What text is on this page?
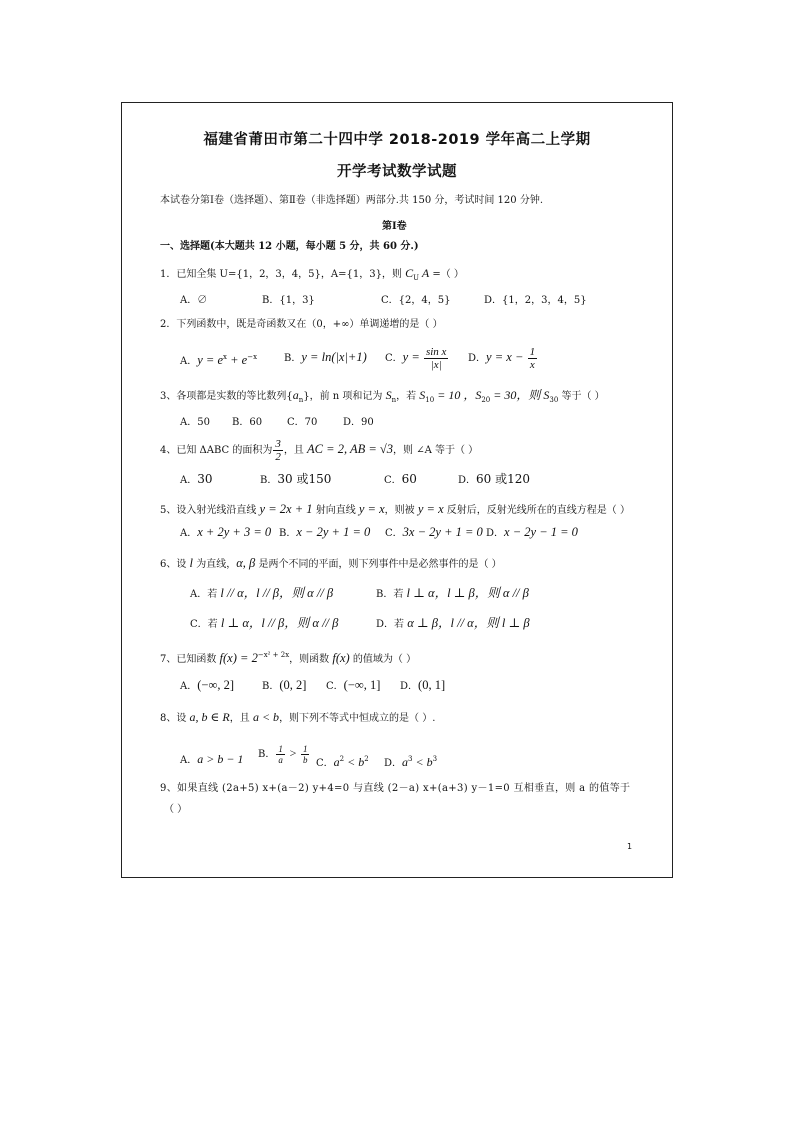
福建省莆田市第二十四中学 2018-2019 学年高二上学期
开学考试数学试题
本试卷分第Ⅰ卷（选择题）、第Ⅱ卷（非选择题）两部分.共 150 分，考试时间 120 分钟.
第Ⅰ卷
一、选择题(本大题共 12 小题，每小题 5 分，共 60 分.)
1．已知全集 U={1，2，3，4，5}，A={1，3}，则 $C_U$ A =（ ）
A．∅	B．{1，3}	C．{2，4，5}	D．{1，2，3，4，5}
2．下列函数中，既是奇函数又在（0，+∞）单调递增的是（ ）
A．$y = e^x + e^{-x}$	B．y = ln(|x|+1) C．$y = \frac{\text{sin x}}{|x|}$ D．$y = x - \frac{1}{x}$
3、各项都是实数的等比数列$\{a_n\}$，前 n 项和记为 $S_n$，若 $S_{10} = 10$ ，$S_{20} = 30$，则 $S_{30}$ 等于（ ）
A．50 B．60 C．70	D．90
4、已知 ΔABC 的面积为 $\frac{3}{2}$ ，且 AC = 2, AB = √3，则 ∠A 等于（ ）
A．30	B．30 或150	C．60	D．60 或120
5、设入射光线沿直线 y = 2x + 1 射向直线 y = x，则被 y = x 反射后，反射光线所在的直线方程是（ ）
A．x + 2y + 3 = 0 B．x − 2y + 1 = 0 C．3x − 2y + 1 = 0 D．x − 2y − 1 = 0
6、设 l 为直线，α, β 是两个不同的平面，则下列事件中是必然事件的是（ ）
A．若 l // α，l // β，则 α // β	B．若 l ⊥ α，l ⊥ β，则 α // β
C．若 l ⊥ α，l // β，则 α // β	D．若 α ⊥ β，l // α，则 l ⊥ β
7、已知函数 $f(x) = 2^{-x^2 + 2x}$，则函数 f(x) 的值域为（ ）
A．(−∞, 2]	B．(0, 2] C．(−∞, 1] D．(0, 1]
8、设 a, b ∈ R，且 a < b，则下列不等式中恒成立的是（ ）.
A．a > b − 1 B． $\frac{1}{a} > \frac{1}{b}$ C．$a^2 < b^2$ D．$a^3 < b^3$
9、如果直线 (2a+5) x+(a－2) y+4=0 与直线 (2－a) x+(a+3) y－1=0 互相垂直，则 a 的值等于
（ ）
1
